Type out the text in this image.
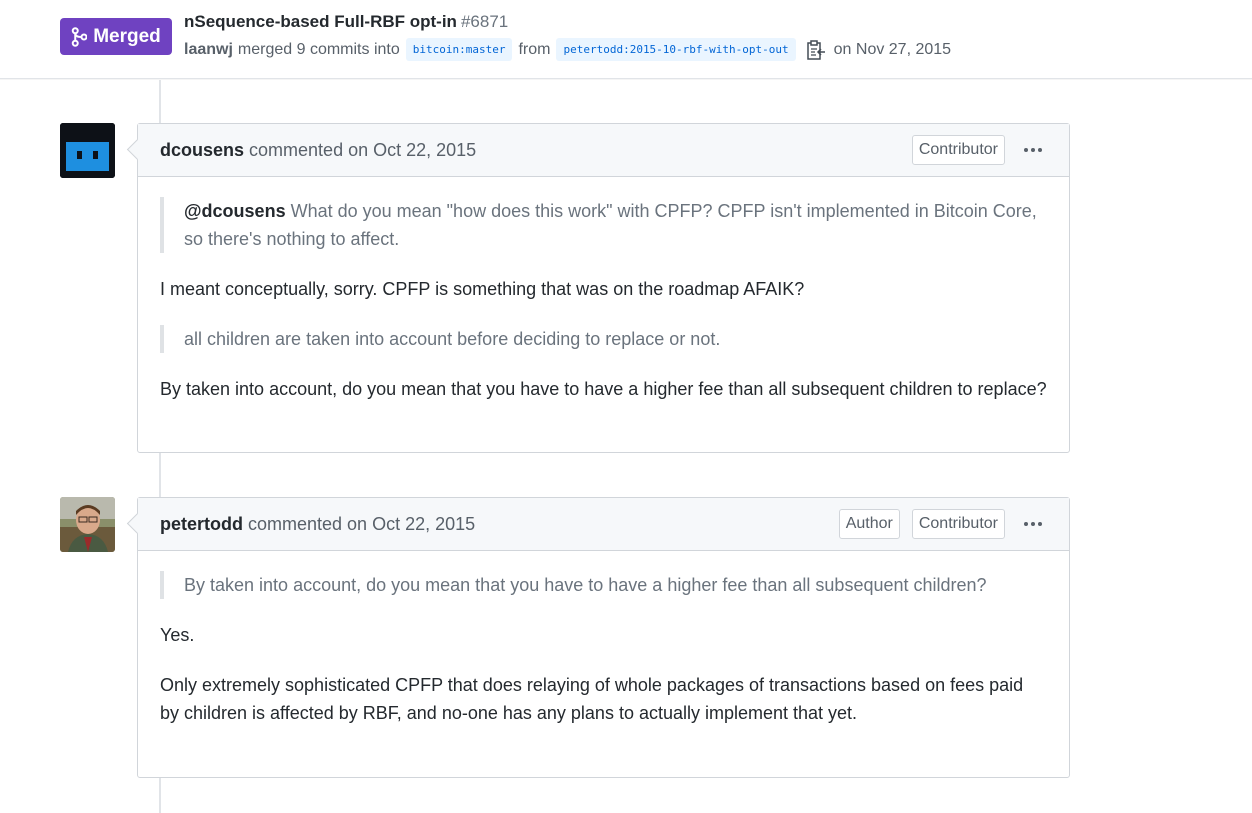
Merged
nSequence-based Full-RBF opt-in #6871
laanwj merged 9 commits into	bitcoin:master from	petertodd:2015-10-rbf-with-opt-out	on Nov 27, 2015
dcousens commented on Oct 22, 2015	Contributor
@dcousens What do you mean "how does this work" with CPFP? CPFP isn't implemented in Bitcoin Core, so there's nothing to affect.

I meant conceptually, sorry. CPFP is something that was on the roadmap AFAIK?

all children are taken into account before deciding to replace or not.

By taken into account, do you mean that you have to have a higher fee than all subsequent children to replace?

petertodd commented on Oct 22, 2015	Author	Contributor
By taken into account, do you mean that you have to have a higher fee than all subsequent children?

Yes.

Only extremely sophisticated CPFP that does relaying of whole packages of transactions based on fees paid by children is affected by RBF, and no-one has any plans to actually implement that yet.
